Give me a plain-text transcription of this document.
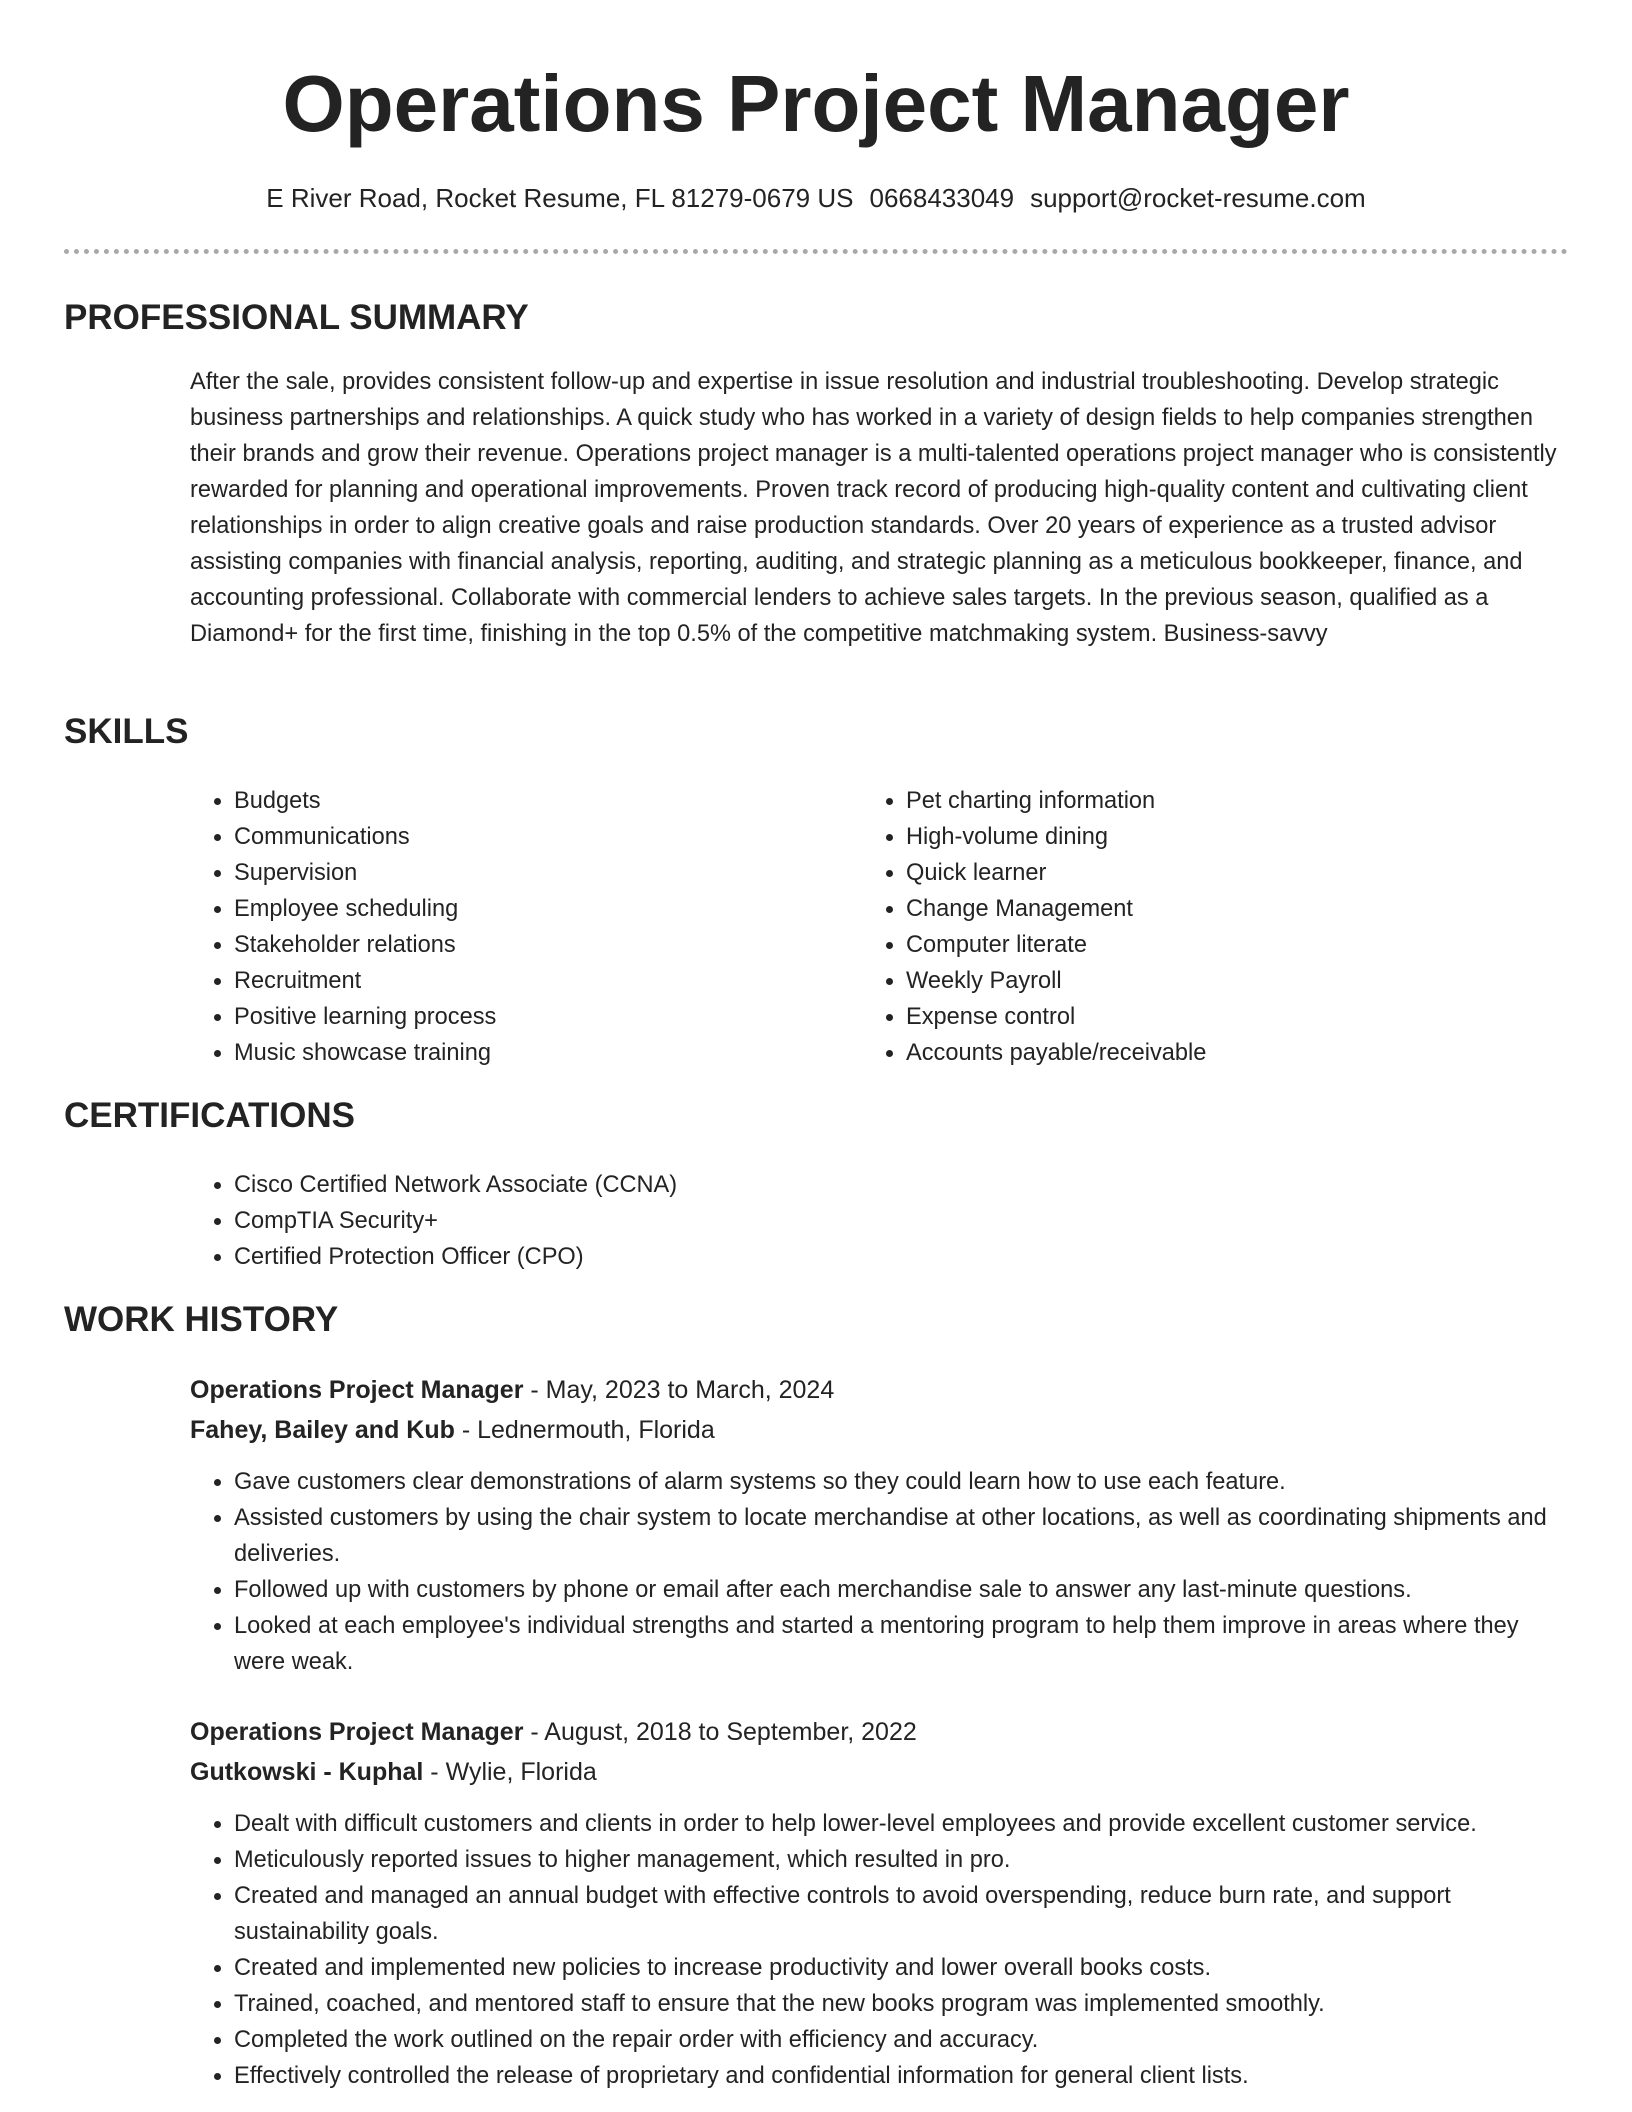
Operations Project Manager
E River Road, Rocket Resume, FL 81279-0679 US 0668433049 support@rocket-resume.com
PROFESSIONAL SUMMARY

After the sale, provides consistent follow-up and expertise in issue resolution and industrial troubleshooting. Develop strategic business partnerships and relationships. A quick study who has worked in a variety of design fields to help companies strengthen their brands and grow their revenue. Operations project manager is a multi-talented operations project manager who is consistently rewarded for planning and operational improvements. Proven track record of producing high-quality content and cultivating client relationships in order to align creative goals and raise production standards. Over 20 years of experience as a trusted advisor assisting companies with financial analysis, reporting, auditing, and strategic planning as a meticulous bookkeeper, finance, and accounting professional. Collaborate with commercial lenders to achieve sales targets. In the previous season, qualified as a Diamond+ for the first time, finishing in the top 0.5% of the competitive matchmaking system. Business-savvy

SKILLS
• Budgets
• Communications
• Supervision
• Employee scheduling
• Stakeholder relations
• Recruitment
• Positive learning process
• Music showcase training
• Pet charting information
• High-volume dining
• Quick learner
• Change Management
• Computer literate
• Weekly Payroll
• Expense control
• Accounts payable/receivable
CERTIFICATIONS
• Cisco Certified Network Associate (CCNA)
• CompTIA Security+
• Certified Protection Officer (CPO)
WORK HISTORY

Operations Project Manager - May, 2023 to March, 2024

Fahey, Bailey and Kub - Lednermouth, Florida

• Gave customers clear demonstrations of alarm systems so they could learn how to use each feature.
• Assisted customers by using the chair system to locate merchandise at other locations, as well as coordinating shipments and deliveries.
• Followed up with customers by phone or email after each merchandise sale to answer any last-minute questions.
• Looked at each employee's individual strengths and started a mentoring program to help them improve in areas where they were weak.

Operations Project Manager - August, 2018 to September, 2022

Gutkowski - Kuphal - Wylie, Florida

• Dealt with difficult customers and clients in order to help lower-level employees and provide excellent customer service.
• Meticulously reported issues to higher management, which resulted in pro.
• Created and managed an annual budget with effective controls to avoid overspending, reduce burn rate, and support sustainability goals.
• Created and implemented new policies to increase productivity and lower overall books costs.
• Trained, coached, and mentored staff to ensure that the new books program was implemented smoothly.
• Completed the work outlined on the repair order with efficiency and accuracy.
• Effectively controlled the release of proprietary and confidential information for general client lists.
